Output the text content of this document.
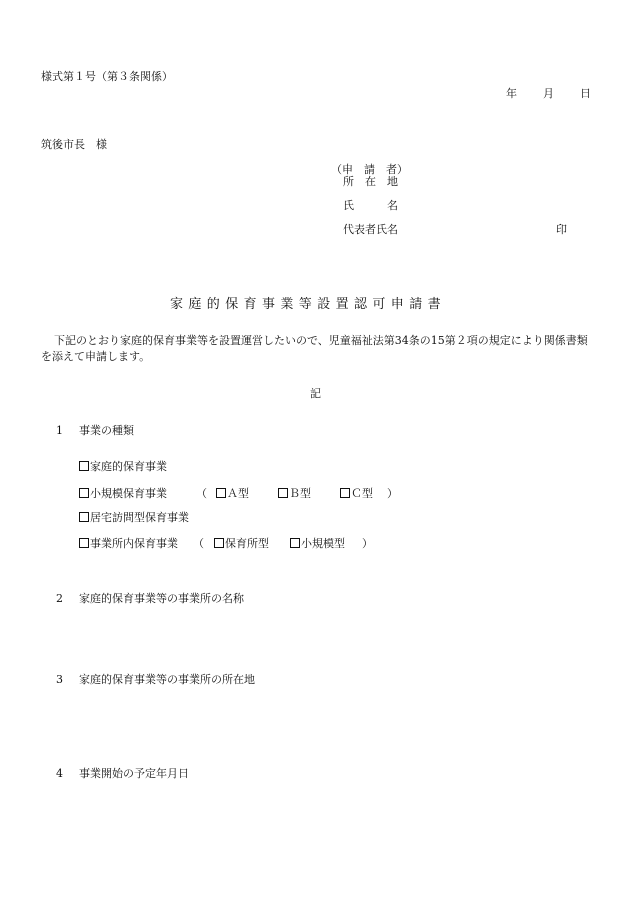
様式第１号（第３条関係）
年 月 日
筑後市長　様
（申　請　者）
所　在　地
氏　　　名
代表者氏名	印
家庭的保育事業等設置認可申請書
下記のとおり家庭的保育事業等を設置運営したいので、児童福祉法第34条の15第２項の規定により関係書類を添えて申請します。
記
1 事業の種類
家庭的保育事業
小規模保育事業	（	Ａ型	Ｂ型	Ｃ型 ）
居宅訪問型保育事業
事業所内保育事業 （	保育所型	小規模型 ）
2 家庭的保育事業等の事業所の名称
3 家庭的保育事業等の事業所の所在地
4 事業開始の予定年月日
